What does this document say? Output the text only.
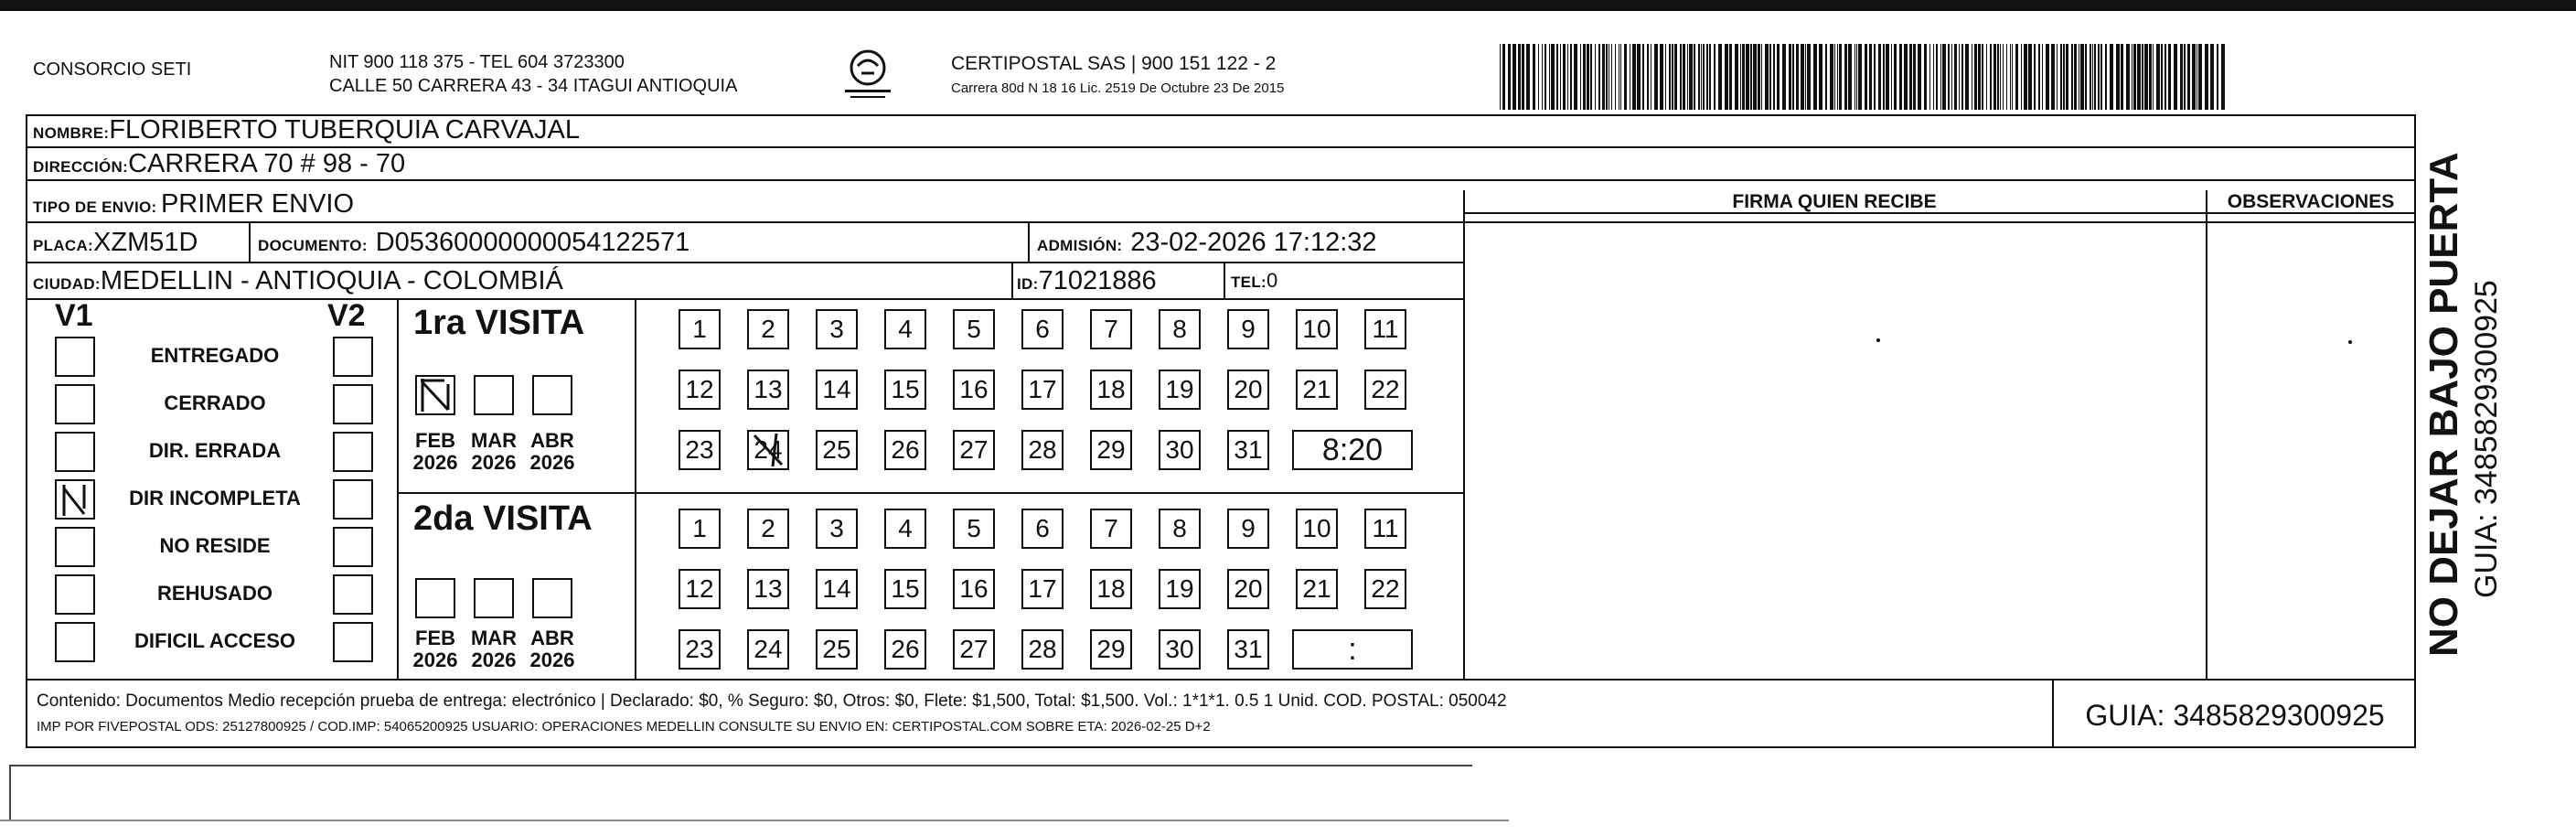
CONSORCIO SETI	NIT 900 118 375 - TEL 604 3723300
CALLE 50 CARRERA 43 - 34 ITAGUI ANTIOQUIA
CERTIPOSTAL SAS | 900 151 122 - 2
Carrera 80d N 18 16 Lic. 2519 De Octubre 23 De 2015
NOMBRE:FLORIBERTO TUBERQUIA CARVAJAL
DIRECCIÓN:CARRERA 70 # 98 - 70
TIPO DE ENVIO: PRIMER ENVIO
PLACA:XZM51D	DOCUMENTO: D05360000000054122571	ADMISIÓN: 23-02-2026 17:12:32
CIUDAD:MEDELLIN - ANTIOQUIA - COLOMBIÁ	ID:71021886	TEL:0
FIRMA QUIEN RECIBE	OBSERVACIONES
V1	V2
ENTREGADO
CERRADO
DIR. ERRADA
DIR INCOMPLETA
NO RESIDE
REHUSADO
DIFICIL ACCESO
1ra VISITA
2da VISITA
FEB
2026
MAR
2026
ABR
2026
FEB
2026
MAR
2026
ABR
2026
1	2	3	4	5	6	7	8	9	10	11
12 13 14 15 16 17 18 19 20 21 22
23 24 25 26 27 28 29 30 31	8:20
1	2	3	4	5	6	7	8	9	10	11
12 13 14 15 16 17 18 19 20 21 22
23 24 25 26 27 28 29 30 31	:
Contenido: Documentos Medio recepción prueba de entrega: electrónico | Declarado: $0, % Seguro: $0, Otros: $0, Flete: $1,500, Total: $1,500. Vol.: 1*1*1. 0.5 1 Unid. COD. POSTAL: 050042
IMP POR FIVEPOSTAL ODS: 25127800925 / COD.IMP: 54065200925 USUARIO: OPERACIONES MEDELLIN CONSULTE SU ENVIO EN: CERTIPOSTAL.COM SOBRE ETA: 2026-02-25 D+2	GUIA: 3485829300925
NO DEJAR BAJO PUERTA GUIA: 3485829300925
